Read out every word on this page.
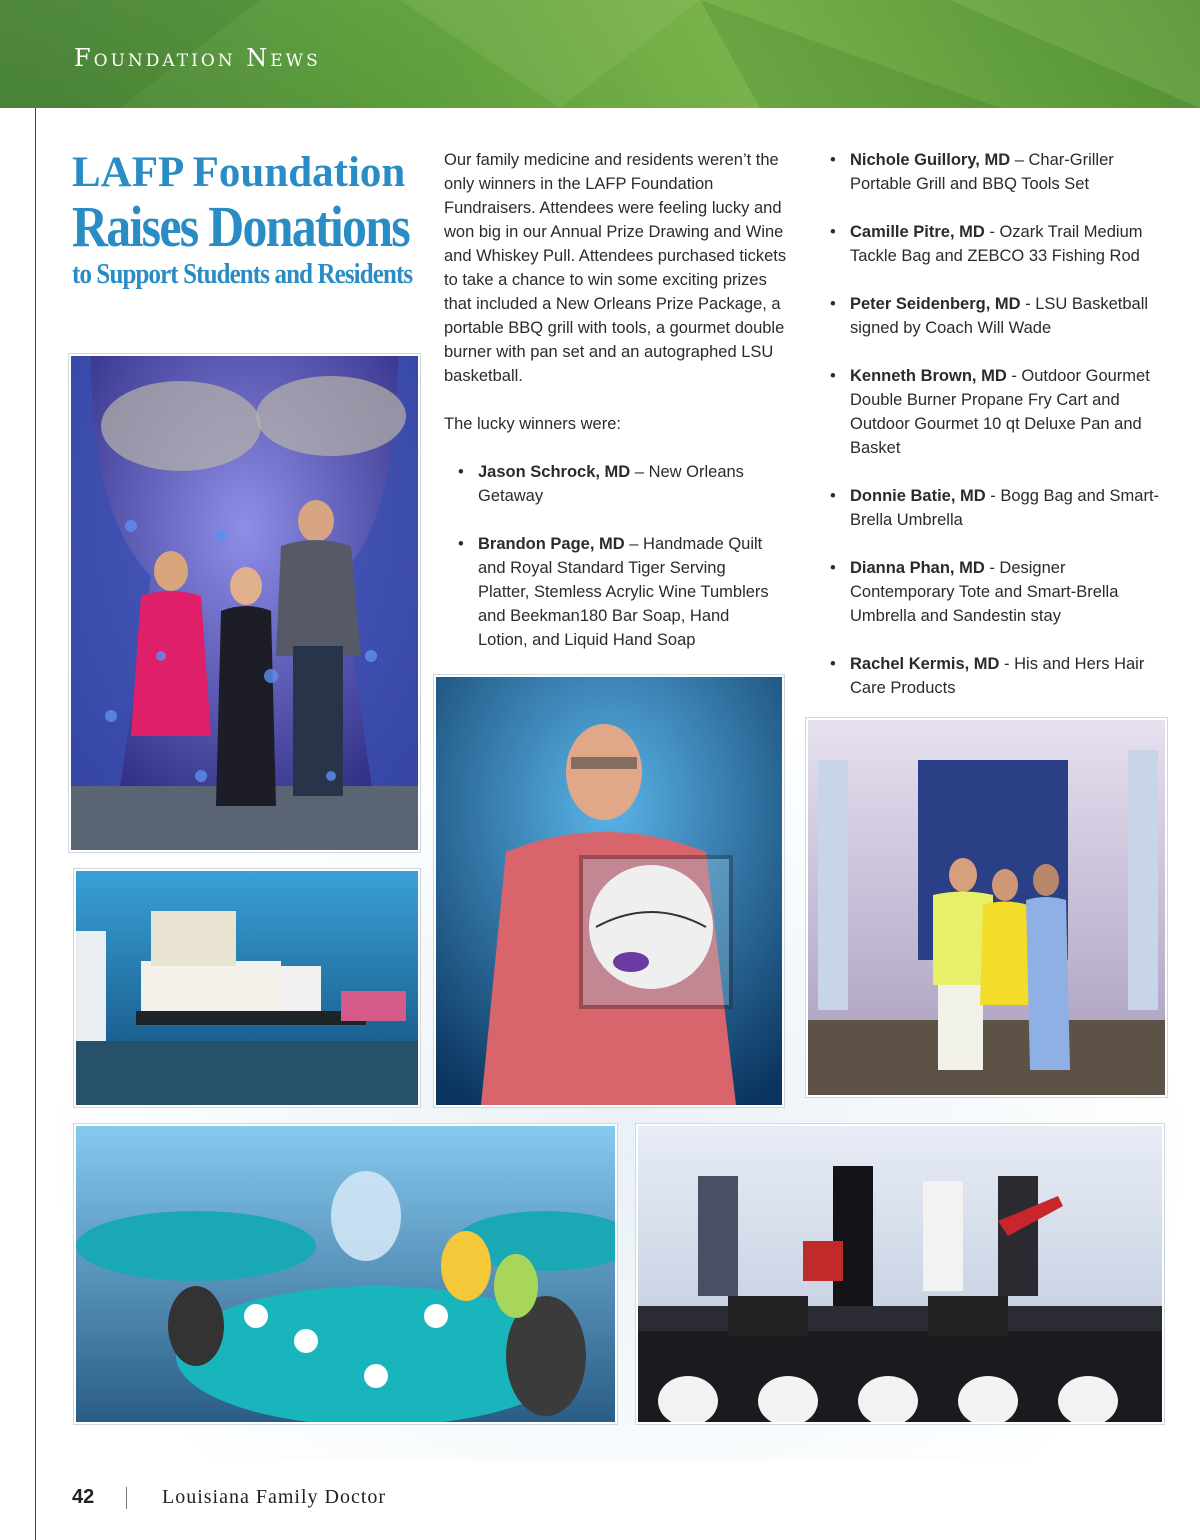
Foundation News
LAFP Foundation
Raises Donations
to Support Students and Residents

Our family medicine and residents weren’t the only winners in the LAFP Foundation Fundraisers. Attendees were feeling lucky and won big in our Annual Prize Drawing and Wine and Whiskey Pull. Attendees purchased tickets to take a chance to win some exciting prizes that included a New Orleans Prize Package, a portable BBQ grill with tools, a gourmet double burner with pan set and an autographed LSU basketball.

The lucky winners were:

• Jason Schrock, MD – New Orleans Getaway
• Brandon Page, MD – Handmade Quilt and Royal Standard Tiger Serving Platter, Stemless Acrylic Wine Tumblers and Beekman180 Bar Soap, Hand Lotion, and Liquid Hand Soap
• Nichole Guillory, MD – Char-Griller Portable Grill and BBQ Tools Set
• Camille Pitre, MD - Ozark Trail Medium Tackle Bag and ZEBCO 33 Fishing Rod
• Peter Seidenberg, MD - LSU Basketball signed by Coach Will Wade
• Kenneth Brown, MD - Outdoor Gourmet Double Burner Propane Fry Cart and Outdoor Gourmet 10 qt Deluxe Pan and Basket
• Donnie Batie, MD - Bogg Bag and Smart-Brella Umbrella
• Dianna Phan, MD - Designer Contemporary Tote and Smart-Brella Umbrella and Sandestin stay
• Rachel Kermis, MD - His and Hers Hair Care Products
42	Louisiana Family Doctor
